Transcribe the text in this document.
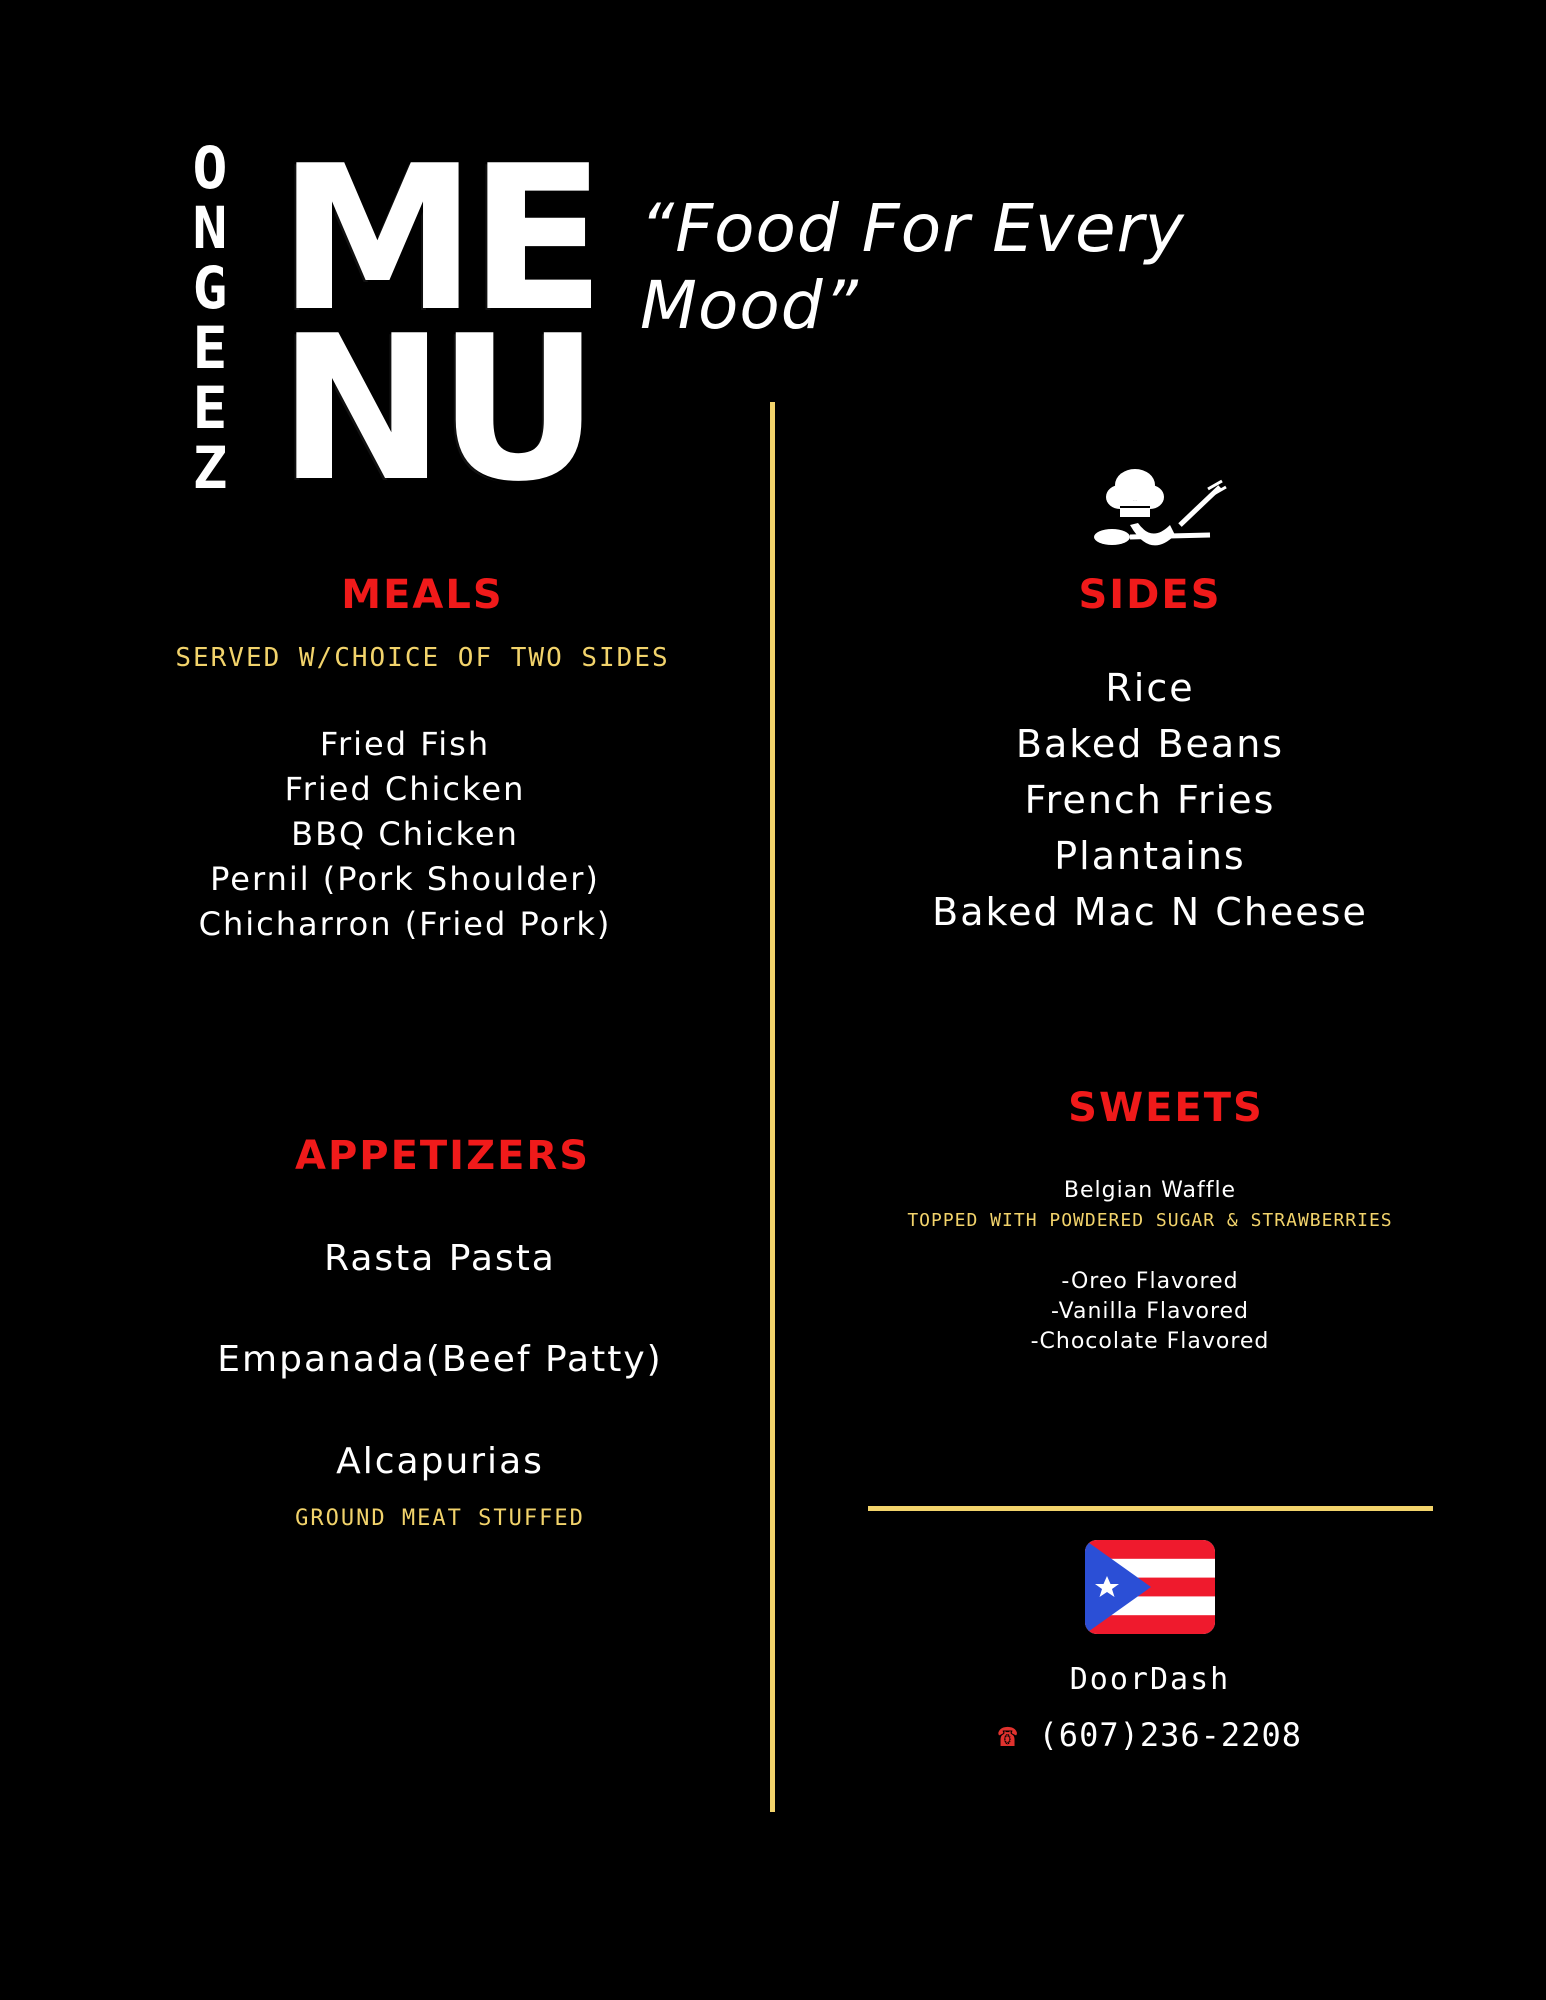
O
N
G
E
E
Z
ME
NU
“Food For Every Mood”
MEALS
SERVED W/CHOICE OF TWO SIDES
Fried Fish
Fried Chicken
BBQ Chicken
Pernil (Pork Shoulder)
Chicharron (Fried Pork)
APPETIZERS
Rasta Pasta
Empanada(Beef Patty)
Alcapurias
GROUND MEAT STUFFED
SIDES
Rice
Baked Beans
French Fries
Plantains
Baked Mac N Cheese
SWEETS
Belgian Waffle
TOPPED WITH POWDERED SUGAR & STRAWBERRIES
-Oreo Flavored
-Vanilla Flavored
-Chocolate Flavored
DoorDash
☎ (607)236-2208
